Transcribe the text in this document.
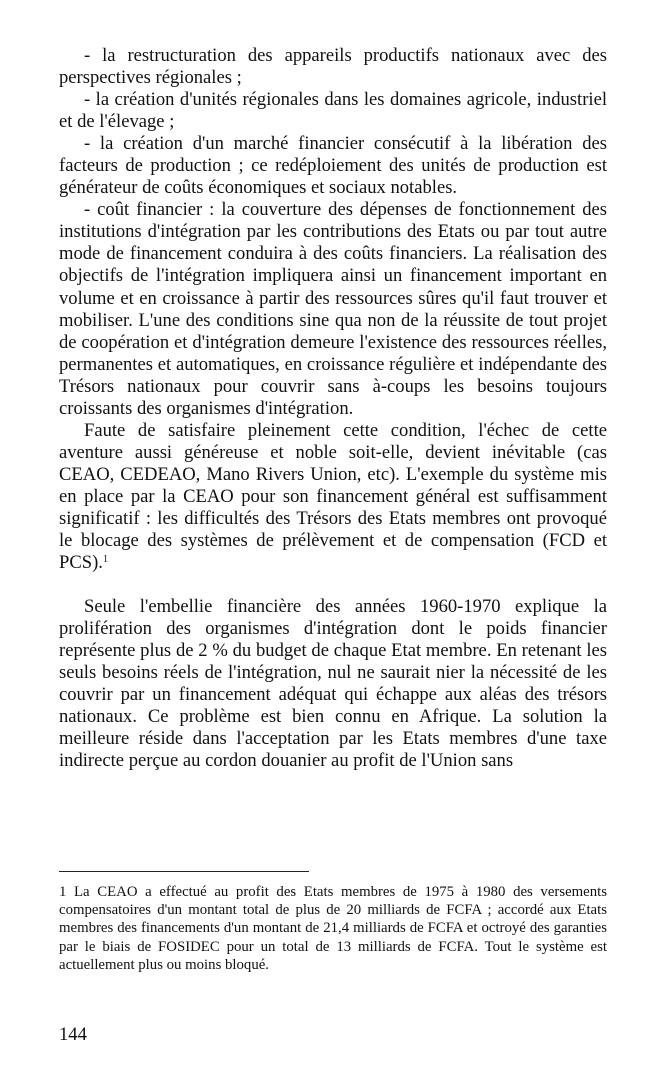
- la restructuration des appareils productifs nationaux avec des perspectives régionales ;

- la création d'unités régionales dans les domaines agricole, industriel et de l'élevage ;

- la création d'un marché financier consécutif à la libération des facteurs de production ; ce redéploiement des unités de production est générateur de coûts économiques et sociaux notables.

- coût financier : la couverture des dépenses de fonctionnement des institutions d'intégration par les contributions des Etats ou par tout autre mode de financement conduira à des coûts financiers. La réalisation des objectifs de l'intégration impliquera ainsi un financement important en volume et en croissance à partir des ressources sûres qu'il faut trouver et mobiliser. L'une des conditions sine qua non de la réussite de tout projet de coopération et d'intégration demeure l'existence des ressources réelles, permanentes et automatiques, en croissance régulière et indépendante des Trésors nationaux pour couvrir sans à-coups les besoins toujours croissants des organismes d'intégration.

Faute de satisfaire pleinement cette condition, l'échec de cette aventure aussi généreuse et noble soit-elle, devient inévitable (cas CEAO, CEDEAO, Mano Rivers Union, etc). L'exemple du système mis en place par la CEAO pour son financement général est suffisamment significatif : les difficultés des Trésors des Etats membres ont provoqué le blocage des systèmes de prélèvement et de compensation (FCD et PCS).$^1$

Seule l'embellie financière des années 1960-1970 explique la prolifération des organismes d'intégration dont le poids financier représente plus de 2 % du budget de chaque Etat membre. En retenant les seuls besoins réels de l'intégration, nul ne saurait nier la nécessité de les couvrir par un financement adéquat qui échappe aux aléas des trésors nationaux. Ce problème est bien connu en Afrique. La solution la meilleure réside dans l'acceptation par les Etats membres d'une taxe indirecte perçue au cordon douanier au profit de l'Union sans

1 La CEAO a effectué au profit des Etats membres de 1975 à 1980 des versements compensatoires d'un montant total de plus de 20 milliards de FCFA ; accordé aux Etats membres des financements d'un montant de 21,4 milliards de FCFA et octroyé des garanties par le biais de FOSIDEC pour un total de 13 milliards de FCFA. Tout le système est actuellement plus ou moins bloqué.

144
